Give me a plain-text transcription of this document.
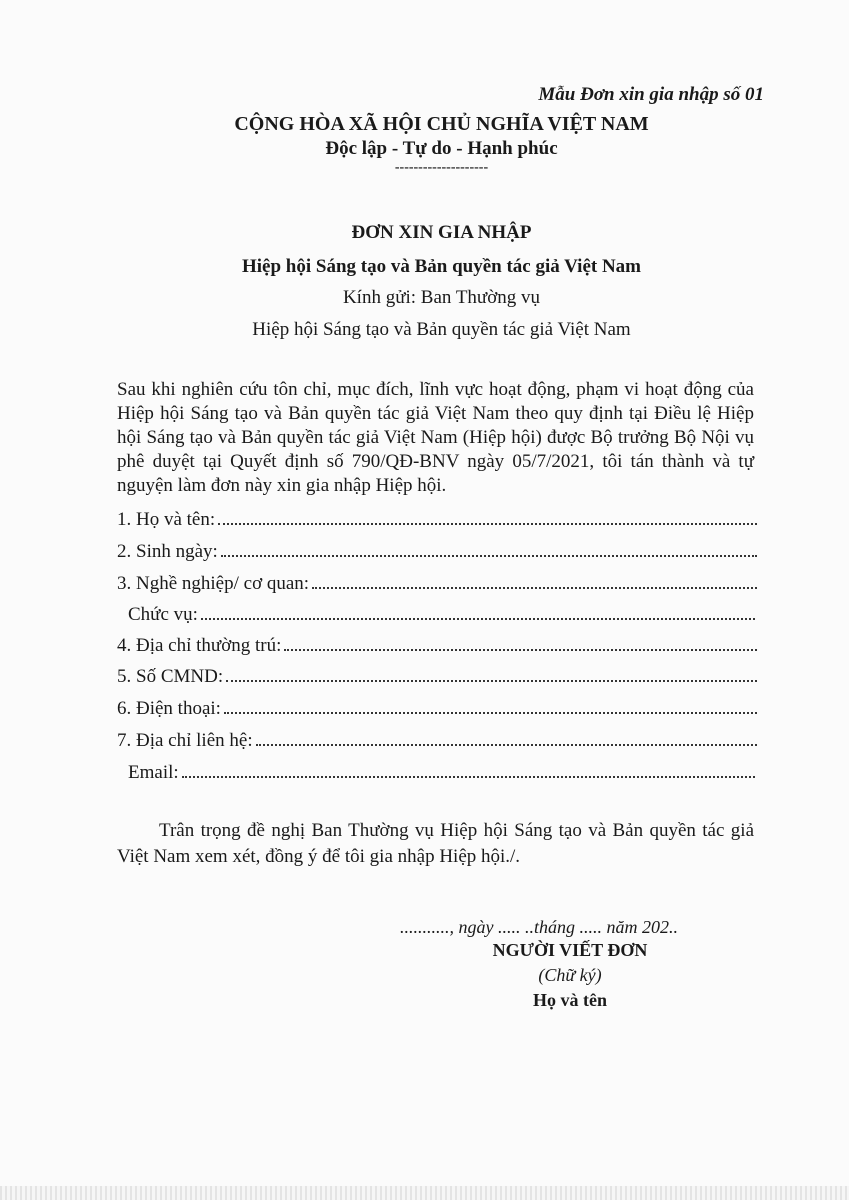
Mẫu Đơn xin gia nhập số 01
CỘNG HÒA XÃ HỘI CHỦ NGHĨA VIỆT NAM
Độc lập - Tự do - Hạnh phúc
--------------------
ĐƠN XIN GIA NHẬP
Hiệp hội Sáng tạo và Bản quyền tác giả Việt Nam
Kính gửi: Ban Thường vụ
Hiệp hội Sáng tạo và Bản quyền tác giả Việt Nam
Sau khi nghiên cứu tôn chỉ, mục đích, lĩnh vực hoạt động, phạm vi hoạt động của Hiệp hội Sáng tạo và Bản quyền tác giả Việt Nam theo quy định tại Điều lệ Hiệp hội Sáng tạo và Bản quyền tác giả Việt Nam (Hiệp hội) được Bộ trưởng Bộ Nội vụ phê duyệt tại Quyết định số 790/QĐ-BNV ngày 05/7/2021, tôi tán thành và tự nguyện làm đơn này xin gia nhập Hiệp hội.
1. Họ và tên:
2. Sinh ngày:
3. Nghề nghiệp/ cơ quan:
Chức vụ:
4. Địa chỉ thường trú:
5. Số CMND:
6. Điện thoại:
7. Địa chỉ liên hệ:
Email:
Trân trọng đề nghị Ban Thường vụ Hiệp hội Sáng tạo và Bản quyền tác giả Việt Nam xem xét, đồng ý để tôi gia nhập Hiệp hội./.
..........., ngày ..... ..tháng ..... năm 202..
NGƯỜI VIẾT ĐƠN
(Chữ ký)
Họ và tên
